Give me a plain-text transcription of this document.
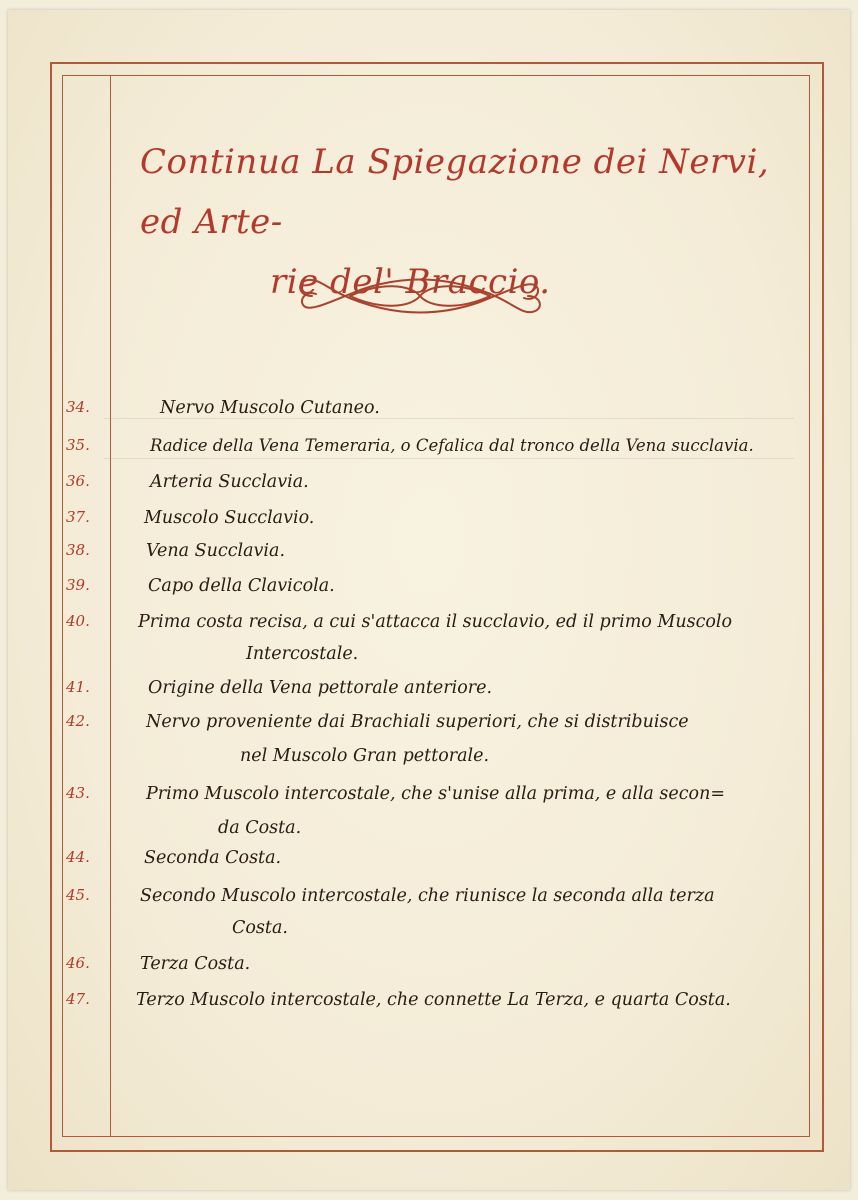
Continua La Spiegazione dei Nervi, ed Arte-
rie del' Braccio.
34.	Nervo Muscolo Cutaneo.
35.	Radice della Vena Temeraria, o Cefalica dal tronco della Vena succlavia.
36.	Arteria Succlavia.
37.	Muscolo Succlavio.
38.	Vena Succlavia.
39.	Capo della Clavicola.
40.	Prima costa recisa, a cui s'attacca il succlavio, ed il primo Muscolo
Intercostale.
41.	Origine della Vena pettorale anteriore.
42.	Nervo proveniente dai Brachiali superiori, che si distribuisce
nel Muscolo Gran pettorale.
43.	Primo Muscolo intercostale, che s'unise alla prima, e alla secon=
da Costa.
44.	Seconda Costa.
45.	Secondo Muscolo intercostale, che riunisce la seconda alla terza
Costa.
46.	Terza Costa.
47.	Terzo Muscolo intercostale, che connette La Terza, e quarta Costa.
